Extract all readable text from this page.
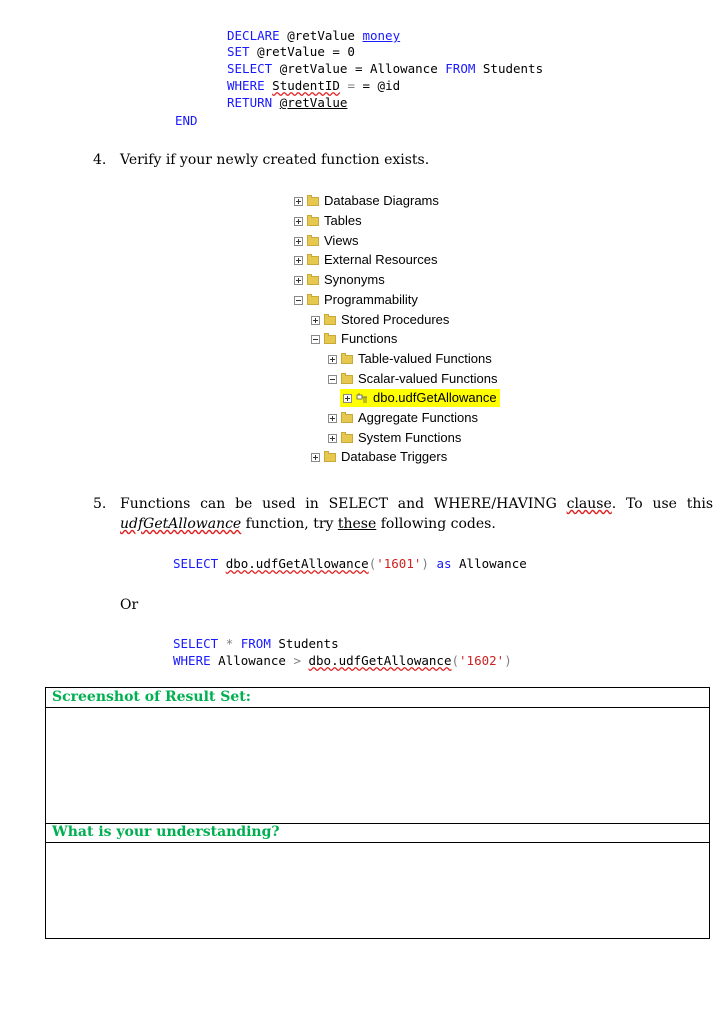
DECLARE @retValue money
SET @retValue = 0
SELECT @retValue = Allowance FROM Students
WHERE StudentID = = @id
RETURN @retValue
END
4. Verify if your newly created function exists.
Database Diagrams
Tables
Views
External Resources
Synonyms
Programmability
Stored Procedures
Functions
Table-valued Functions
Scalar-valued Functions
dbo.udfGetAllowance
Aggregate Functions
System Functions
Database Triggers
5. Functions can be used in SELECT and WHERE/HAVING clause. To use this
udfGetAllowance function, try these following codes.
SELECT dbo.udfGetAllowance('1601') as Allowance
Or
SELECT * FROM Students
WHERE Allowance > dbo.udfGetAllowance('1602')
Screenshot of Result Set:
What is your understanding?
